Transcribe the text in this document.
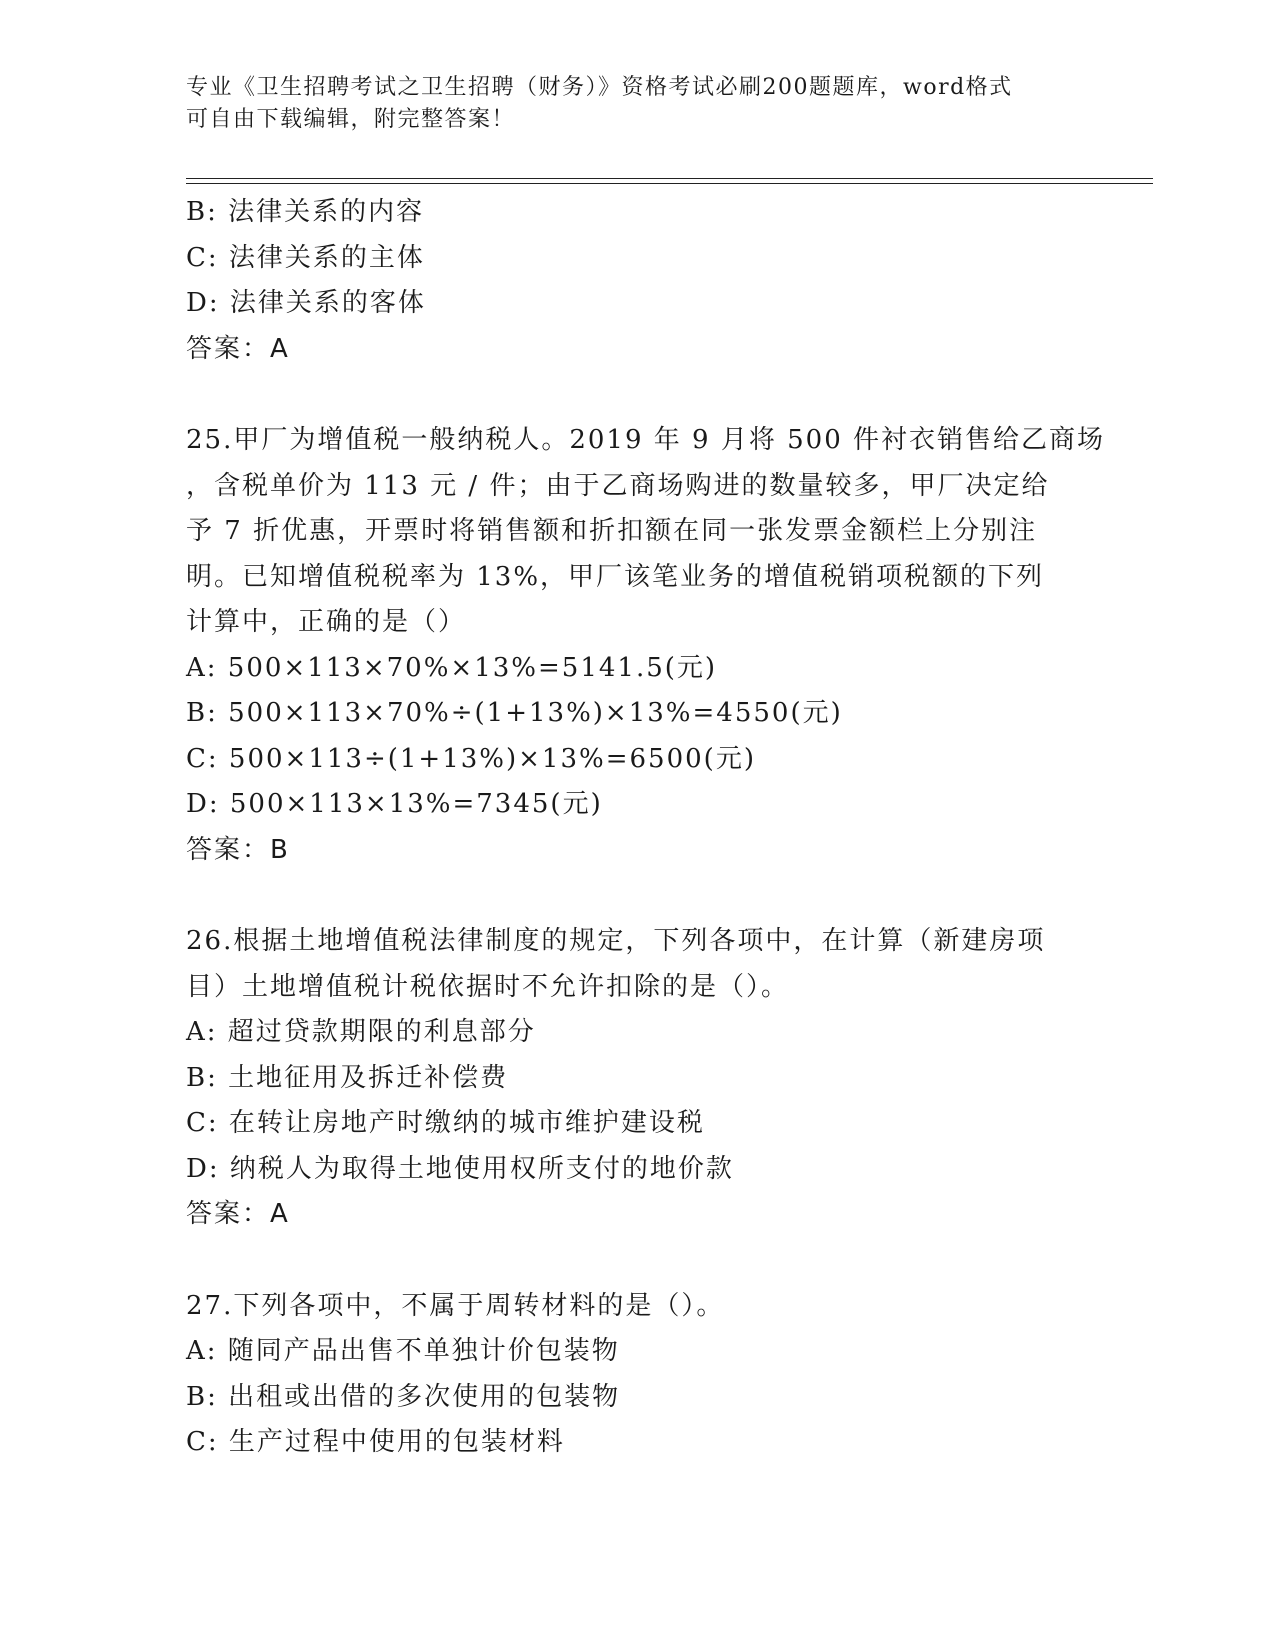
专业《卫生招聘考试之卫生招聘（财务）》资格考试必刷200题题库，word格式
可自由下载编辑，附完整答案！
B: 法律关系的内容
C: 法律关系的主体
D: 法律关系的客体
答案：A
25.甲厂为增值税一般纳税人。2019 年 9 月将 500 件衬衣销售给乙商场
，含税单价为 113 元 / 件；由于乙商场购进的数量较多，甲厂决定给
予 7 折优惠，开票时将销售额和折扣额在同一张发票金额栏上分别注
明。已知增值税税率为 13%，甲厂该笔业务的增值税销项税额的下列
计算中，正确的是（）
A: 500×113×70%×13%=5141.5(元)
B: 500×113×70%÷(1+13%)×13%=4550(元)
C: 500×113÷(1+13%)×13%=6500(元)
D: 500×113×13%=7345(元)
答案：B
26.根据土地增值税法律制度的规定，下列各项中，在计算（新建房项
目）土地增值税计税依据时不允许扣除的是（）。
A: 超过贷款期限的利息部分
B: 土地征用及拆迁补偿费
C: 在转让房地产时缴纳的城市维护建设税
D: 纳税人为取得土地使用权所支付的地价款
答案：A
27.下列各项中，不属于周转材料的是（）。
A: 随同产品出售不单独计价包装物
B: 出租或出借的多次使用的包装物
C: 生产过程中使用的包装材料
